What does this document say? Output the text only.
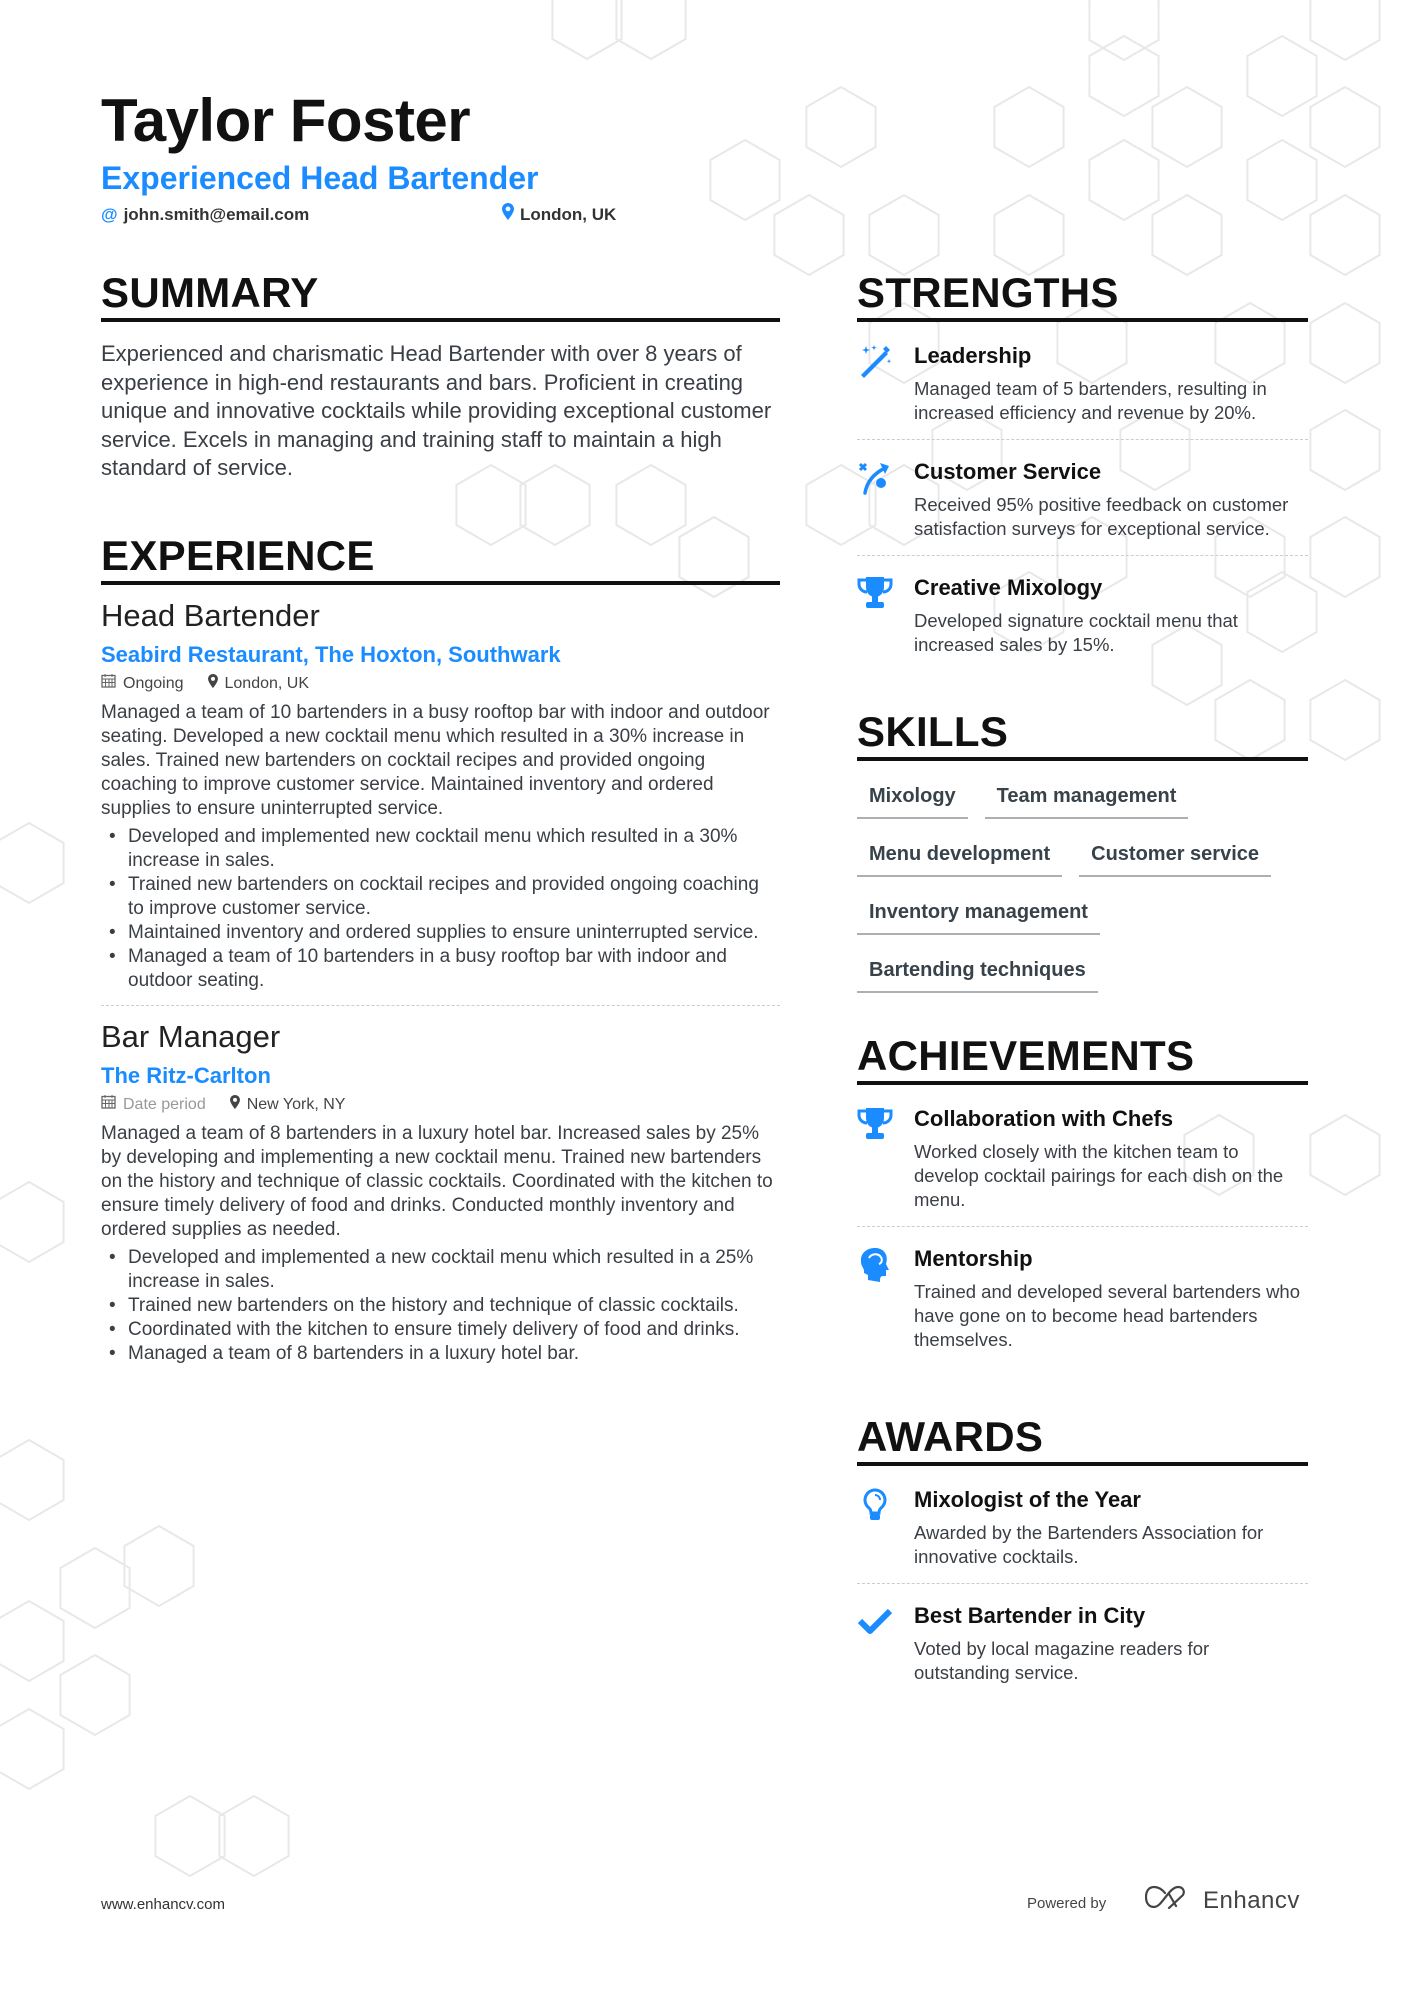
Taylor Foster
Experienced Head Bartender
@ john.smith@email.com	London, UK
SUMMARY

Experienced and charismatic Head Bartender with over 8 years of experience in high-end restaurants and bars. Proficient in creating unique and innovative cocktails while providing exceptional customer service. Excels in managing and training staff to maintain a high standard of service.

EXPERIENCE
Head Bartender
Seabird Restaurant, The Hoxton, Southwark
Ongoing	London, UK

Managed a team of 10 bartenders in a busy rooftop bar with indoor and outdoor seating. Developed a new cocktail menu which resulted in a 30% increase in sales. Trained new bartenders on cocktail recipes and provided ongoing coaching to improve customer service. Maintained inventory and ordered supplies to ensure uninterrupted service.

• Developed and implemented new cocktail menu which resulted in a 30% increase in sales.
• Trained new bartenders on cocktail recipes and provided ongoing coaching to improve customer service.
• Maintained inventory and ordered supplies to ensure uninterrupted service.
• Managed a team of 10 bartenders in a busy rooftop bar with indoor and outdoor seating.
Bar Manager
The Ritz-Carlton
Date period	New York, NY

Managed a team of 8 bartenders in a luxury hotel bar. Increased sales by 25% by developing and implementing a new cocktail menu. Trained new bartenders on the history and technique of classic cocktails. Coordinated with the kitchen to ensure timely delivery of food and drinks. Conducted monthly inventory and ordered supplies as needed.

• Developed and implemented a new cocktail menu which resulted in a 25% increase in sales.
• Trained new bartenders on the history and technique of classic cocktails.
• Coordinated with the kitchen to ensure timely delivery of food and drinks.
• Managed a team of 8 bartenders in a luxury hotel bar.
STRENGTHS
Leadership
Managed team of 5 bartenders, resulting in increased efficiency and revenue by 20%.
Customer Service
Received 95% positive feedback on customer satisfaction surveys for exceptional service.
Creative Mixology
Developed signature cocktail menu that increased sales by 15%.
SKILLS
Mixology	Team management
Menu development	Customer service
Inventory management
Bartending techniques
ACHIEVEMENTS
Collaboration with Chefs
Worked closely with the kitchen team to develop cocktail pairings for each dish on the menu.
Mentorship
Trained and developed several bartenders who have gone on to become head bartenders themselves.
AWARDS
Mixologist of the Year
Awarded by the Bartenders Association for innovative cocktails.
Best Bartender in City
Voted by local magazine readers for outstanding service.
www.enhancv.com	Powered by	Enhancv
